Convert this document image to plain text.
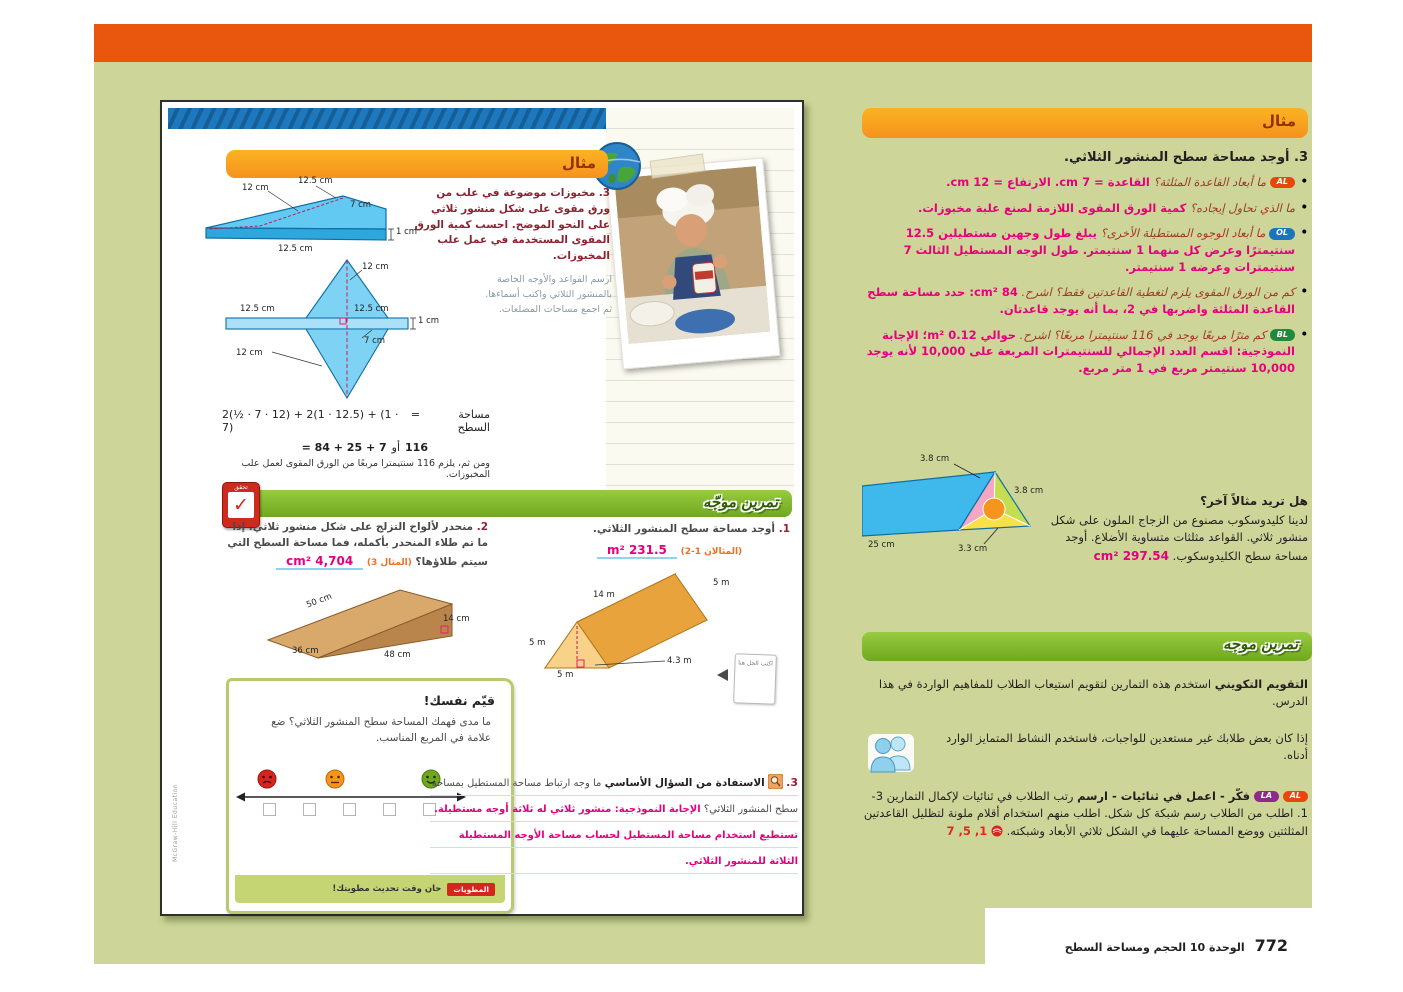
مثال
3. مخبوزات موضوعة في علب من ورق مقوى على شكل منشور ثلاثي على النحو الموضح. احسب كمية الورق المقوى المستخدمة في عمل علب المخبوزات.
12.5 cm
12 cm
7 cm
1 cm
12.5 cm
ارسم القواعد والأوجه الخاصة بالمنشور الثلاثي واكتب أسماءها. ثم اجمع مساحات المضلعات.
12 cm
12.5 cm	12.5 cm
1 cm
7 cm
12 cm
2(½ · 7 · 12) + 2(1 · 12.5) + (1 · 7)
=	مساحة السطح
= 84 + 25 + 7 أو 116
ومن ثم، يلزم 116 سنتيمترا مربعًا من الورق المقوى لعمل علب المخبوزات.
تمرين موجّه
تحقق
✓
1. أوجد مساحة سطح المنشور الثلاثي.
(المثالان 1-2) 231.5 m²
5 m
14 m
5 m
4.3 m
5 m
اكتب الحل هنا
2. منحدر لألواح التزلج على شكل منشور ثلاثي. إذا ما تم طلاء المنحدر بأكمله، فما مساحة السطح التي سيتم طلاؤها؟ (المثال 3) 4,704 cm²
50 cm
36 cm	48 cm
14 cm
قيّم نفسك!
ما مدى فهمك المساحة سطح المنشور الثلاثي؟ ضع علامة في المربع المناسب.
المطويات
حان وقت تحديث مطويتك!
3.  الاستفادة من السؤال الأساسي ما وجه ارتباط مساحة المستطيل بمساحة سطح المنشور الثلاثي؟ الإجابة النموذجية: منشور ثلاثي له ثلاثة أوجه مستطيلة. تستطيع استخدام مساحة المستطيل لحساب مساحة الأوجه المستطيلة الثلاثة للمنشور الثلاثي.
McGraw-Hill Education
مثال
3. أوجد مساحة سطح المنشور الثلاثي.
• AL ما أبعاد القاعدة المثلثة؟ القاعدة = 7 cm. الارتفاع = 12 cm.
• ما الذي تحاول إيجاده؟ كمية الورق المقوى اللازمة لصنع علبة مخبوزات.
• OL ما أبعاد الوجوه المستطيلة الأخرى؟ يبلغ طول وجهين مستطيلين 12.5 سنتيمترًا وعرض كل منهما 1 سنتيمتر. طول الوجه المستطيل الثالث 7 سنتيمترات وعرضه 1 سنتيمتر.
• كم من الورق المقوى يلزم لتغطية القاعدتين فقط؟ اشرح. 84 cm²: حدد مساحة سطح القاعدة المثلثة واضربها في 2، بما أنه يوجد قاعدتان.
• BL كم مترًا مربعًا يوجد في 116 سنتيمترا مربعًا؟ اشرح. حوالي 0.12 m²؛ الإجابة النموذجية: اقسم العدد الإجمالي للسنتيمترات المربعة على 10,000 لأنه يوجد 10,000 سنتيمتر مربع في 1 متر مربع.
3.8 cm
3.8 cm
25 cm	3.3 cm
هل تريد مثالاً آخر؟
لدينا كليدوسكوب مصنوع من الزجاج الملون على شكل منشور ثلاثي. القواعد مثلثات متساوية الأضلاع. أوجد مساحة سطح الكليدوسكوب. 297.54 cm²
تمرين موجه
التقويم التكويني استخدم هذه التمارين لتقويم استيعاب الطلاب للمفاهيم الواردة في هذا الدرس.
إذا كان بعض طلابك غير مستعدين للواجبات، فاستخدم النشاط المتمايز الوارد أدناه.
AL LA فكّر - اعمل في ثنائيات - ارسم رتب الطلاب في ثنائيات لإكمال التمارين 3-1. اطلب من الطلاب رسم شبكة كل شكل. اطلب منهم استخدام أقلام ملونة لتظليل القاعدتين المثلثتين ووضع المساحة عليهما في الشكل ثلاثي الأبعاد وشبكته.  1, 5, 7
الوحدة 10 الحجم ومساحة السطح 772
